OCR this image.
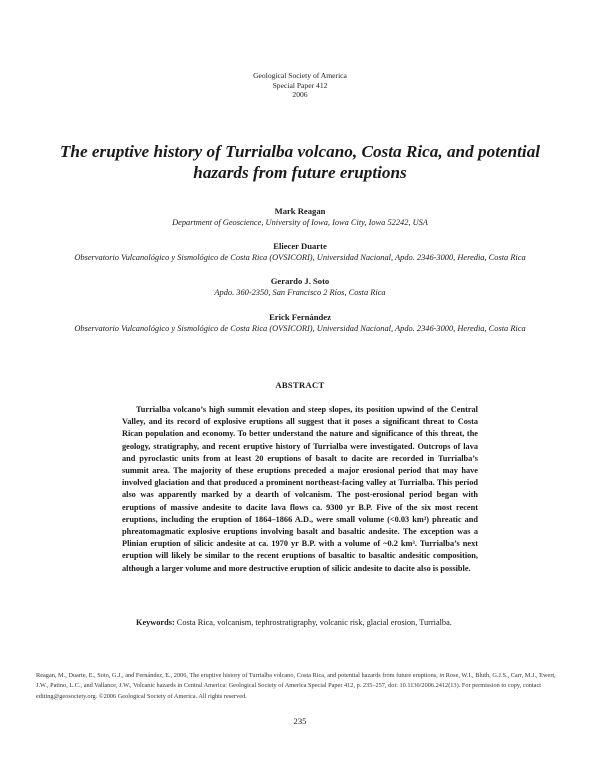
Geological Society of America
Special Paper 412
2006
The eruptive history of Turrialba volcano, Costa Rica, and potential hazards from future eruptions
Mark Reagan
Department of Geoscience, University of Iowa, Iowa City, Iowa 52242, USA
Eliecer Duarte
Observatorio Vulcanológico y Sismológico de Costa Rica (OVSICORI), Universidad Nacional, Apdo. 2346-3000, Heredia, Costa Rica
Gerardo J. Soto
Apdo. 360-2350, San Francisco 2 Ríos, Costa Rica
Erick Fernández
Observatorio Vulcanológico y Sismológico de Costa Rica (OVSICORI), Universidad Nacional, Apdo. 2346-3000, Heredia, Costa Rica
ABSTRACT
Turrialba volcano’s high summit elevation and steep slopes, its position upwind of the Central Valley, and its record of explosive eruptions all suggest that it poses a significant threat to Costa Rican population and economy. To better understand the nature and significance of this threat, the geology, stratigraphy, and recent eruptive history of Turrialba were investigated. Outcrops of lava and pyroclastic units from at least 20 eruptions of basalt to dacite are recorded in Turrialba’s summit area. The majority of these eruptions preceded a major erosional period that may have involved glaciation and that produced a prominent northeast-facing valley at Turrialba. This period also was apparently marked by a dearth of volcanism. The post-erosional period began with eruptions of massive andesite to dacite lava flows ca. 9300 yr B.P. Five of the six most recent eruptions, including the eruption of 1864–1866 A.D., were small volume (<0.03 km³) phreatic and phreatomagmatic explosive eruptions involving basalt and basaltic andesite. The exception was a Plinian eruption of silicic andesite at ca. 1970 yr B.P. with a volume of ~0.2 km³. Turrialba’s next eruption will likely be similar to the recent eruptions of basaltic to basaltic andesitic composition, although a larger volume and more destructive eruption of silicic andesite to dacite also is possible.
Keywords: Costa Rica, volcanism, tephrostratigraphy, volcanic risk, glacial erosion, Turrialba.
Reagan, M., Duarte, E., Soto, G.J., and Fernández, E., 2006, The eruptive history of Turrialba volcano, Costa Rica, and potential hazards from future eruptions, in Rose, W.I., Bluth, G.J.S., Carr, M.J., Ewert, J.W., Patino, L.C., and Vallance, J.W., Volcanic hazards in Central America: Geological Society of America Special Paper 412, p. 235–257, doi: 10.1130/2006.2412(13). For permission to copy, contact editing@geosociety.org. ©2006 Geological Society of America. All rights reserved.
235
